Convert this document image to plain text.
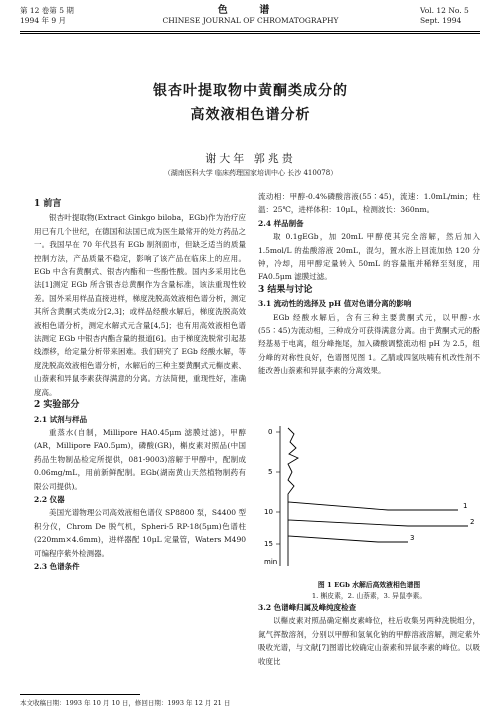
第 12 卷第 5 期
1994 年 9 月
色 谱
CHINESE JOURNAL OF CHROMATOGRAPHY
Vol. 12 No. 5
Sept. 1994
银杏叶提取物中黄酮类成分的
高效液相色谱分析
谢大年 郭兆贵
（湖南医科大学 临床药理国家培训中心 长沙 410078）

1 前言

银杏叶提取物(Extract Ginkgo biloba，EGb)作为治疗应用已有几个世纪，在德国和法国已成为医生最常开的处方药品之一。我国早在 70 年代县有 EGb 制剂面市，但缺乏适当的质量控制方法，产品质量不稳定，影响了该产品在临床上的应用。EGb 中含有黄酮式、银杏内酯和一些酚性酸。国内多采用比色法[1]测定 EGb 所含银杏总黄酮作为含量标准，该法重现性较差。国外采用样品直接进样，梯度洗脱高效液相色谱分析，测定其所含黄酮式类成分[2,3]；或样品经酸水解后，梯度洗脱高效液相色谱分析，测定水解式元含量[4,5]；也有用高效液相色谱法测定 EGb 中银杏内酯含量的报道[6]。由于梯度洗脱常引起基线漂移，给定量分析带来困难。我们研究了 EGb 经酸水解，等度洗脱高效液相色谱分析，水解后的三种主要黄酮式元槲皮素、山萘素和异鼠李素获得满意的分离。方法简便，重现性好，准确度高。

2 实验部分

2.1 试剂与样品

重蒸水(自制，Millipore HA0.45μm 滤膜过滤)，甲醇(AR，Millipore FA0.5μm)，磷酸(GR)，槲皮素对照品(中国药品生物制品检定所提供，081-9003)溶解于甲醇中，配制成 0.06mg/mL，用前新鲜配制。EGb(湖南黄山天然植物制药有限公司提供)。

2.2 仪器

美国光谱物理公司高效液相色谱仪 SP8800 泵，S4400 型积分仪，Chrom De 脱气机，Spheri-5 RP-18(5μm)色谱柱(220mm×4.6mm)，进样器配 10μL 定量管，Waters M490 可编程序紫外检测器。

2.3 色谱条件

流动相：甲醇-0.4%磷酸溶液(55∶45)，流速：1.0mL/min；柱温：25℃，进样体积：10μL，检测波长：360nm。

2.4 样品制备

取 0.1gEGb，加 20mL 甲醇使其完全溶解，然后加入 1.5mol/L 的盐酸溶液 20mL，混匀，置水浴上回流加热 120 分钟，冷却，用甲醇定量转入 50mL 的容量瓶并稀释至刻度，用 FA0.5μm 滤膜过滤。

3 结果与讨论

3.1 流动性的选择及 pH 值对色谱分离的影响

EGb 经酸水解后，含有三种主要黄酮式元，以甲醇-水(55∶45)为流动相，三种成分可获得满意分离。由于黄酮式元的酚羟基易于电离，组分峰拖尾，加入磷酸调整流动相 pH 为 2.5，组分峰的对称性良好，色谱图见图 1。乙腈或四氢呋喃有机改性剂不能改善山萘素和异鼠李素的分离效果。

0
5
10
15
min
1
2
3
图 1 EGb 水解后高效液相色谱图
1. 槲皮素，2. 山萘素，3. 异鼠李素。

3.2 色谱峰归属及峰纯度检查

以槲皮素对照品确定槲皮素峰位，柱后收集另两种洗脱组分，氮气挥散溶剂，分别以甲醇和氢氧化钠的甲醇溶液溶解，测定紫外吸收光谱，与文献[7]图谱比较确定山萘素和异鼠李素的峰位。以吸收度比

本文收稿日期：1993 年 10 月 10 日，修回日期：1993 年 12 月 21 日
